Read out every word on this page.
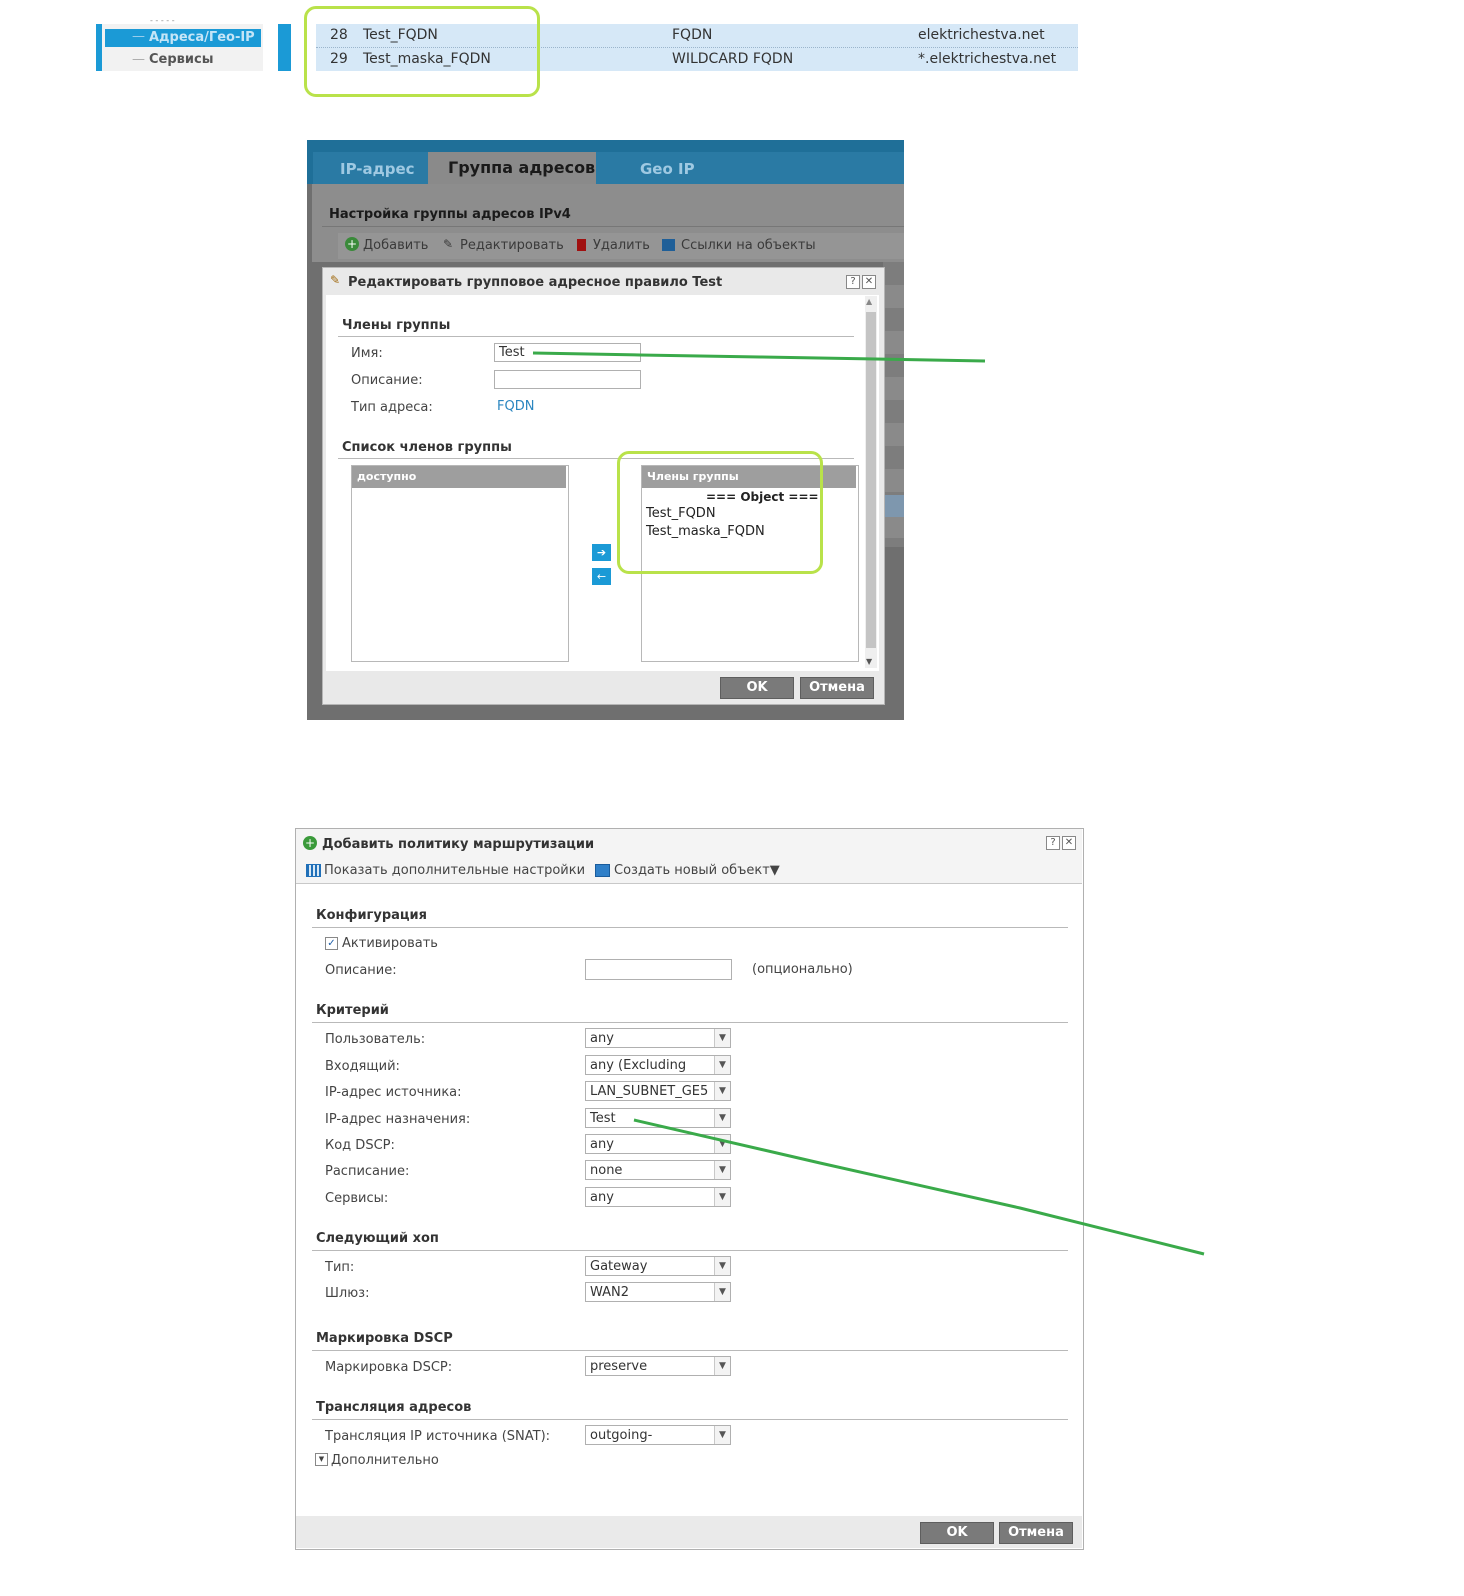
- - - - -
— Адреса/Гео-IP
— Сервисы
28 Test_FQDN	FQDN	elektrichestva.net
29 Test_maska_FQDN	WILDCARD FQDN	*.elektrichestva.net
IP-адрес Группа адресов	Geo IP
Настройка группы адресов IPv4
+ Добавить ✎ Редактировать Удалить Ссылки на объекты
✎ Редактировать групповое адресное правило Test	? ✕
▲
▼
Члены группы
Имя:	Test
Описание:
Тип адреса:	FQDN
Список членов группы
доступно
➔
←
Члены группы
=== Object ===
Test_FQDN
Test_maska_FQDN
OK	Отмена
+ Добавить политику маршрутизации	? ✕
Показать дополнительные настройки Создать новый объект▼
Конфигурация
✓ Активировать
Описание:	(опционально)
Критерий
Пользователь:	any	▼
Входящий:	any (Excluding	▼
IP-адрес источника:	LAN_SUBNET_GE5	▼
IP-адрес назначения:	Test	▼
Код DSCP:	any	▼
Расписание:	none	▼
Сервисы:	any	▼
Следующий хоп
Тип:	Gateway	▼
Шлюз:	WAN2	▼
Маркировка DSCP
Маркировка DSCP:	preserve	▼
Трансляция адресов
Трансляция IP источника (SNAT):	outgoing-	▼
▼ Дополнительно
OK	Отмена
